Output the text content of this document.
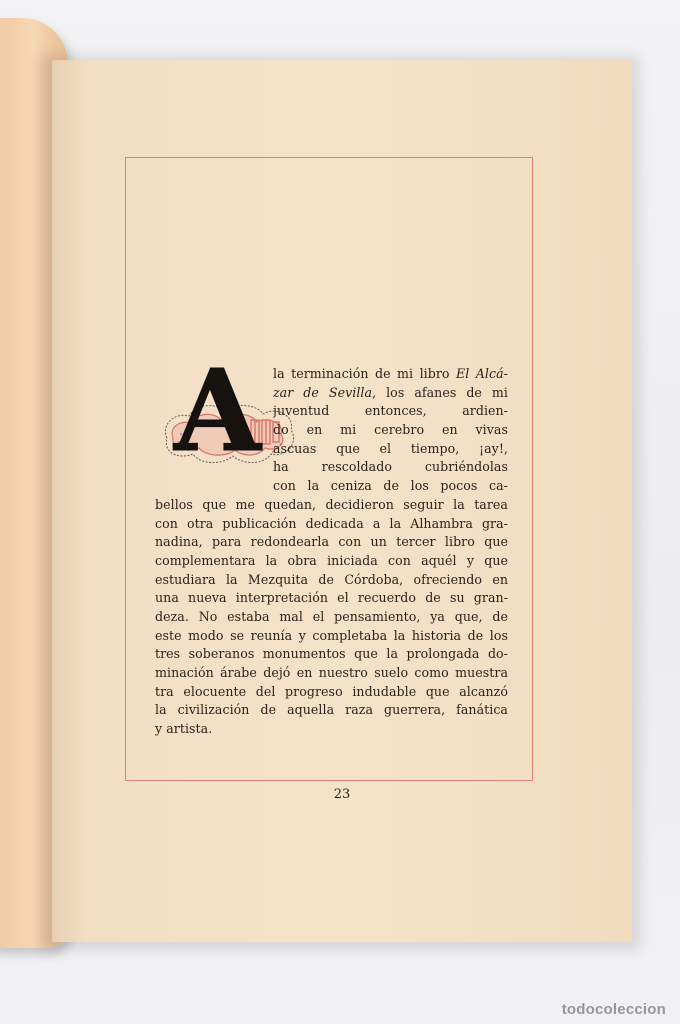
A la terminación de mi libro El Alcá-
zar de Sevilla, los afanes de mi
juventud entonces, ardien-
do en mi cerebro en vivas
ascuas que el tiempo, ¡ay!,
ha rescoldado cubriéndolas
con la ceniza de los pocos ca-
bellos que me quedan, decidieron seguir la tarea
con otra publicación dedicada a la Alhambra gra-
nadina, para redondearla con un tercer libro que
complementara la obra iniciada con aquél y que
estudiara la Mezquita de Córdoba, ofreciendo en
una nueva interpretación el recuerdo de su gran-
deza. No estaba mal el pensamiento, ya que, de
este modo se reunía y completaba la historia de los
tres soberanos monumentos que la prolongada do-
minación árabe dejó en nuestro suelo como muestra
tra elocuente del progreso indudable que alcanzó
la civilización de aquella raza guerrera, fanática
y artista.
23
todocoleccion
